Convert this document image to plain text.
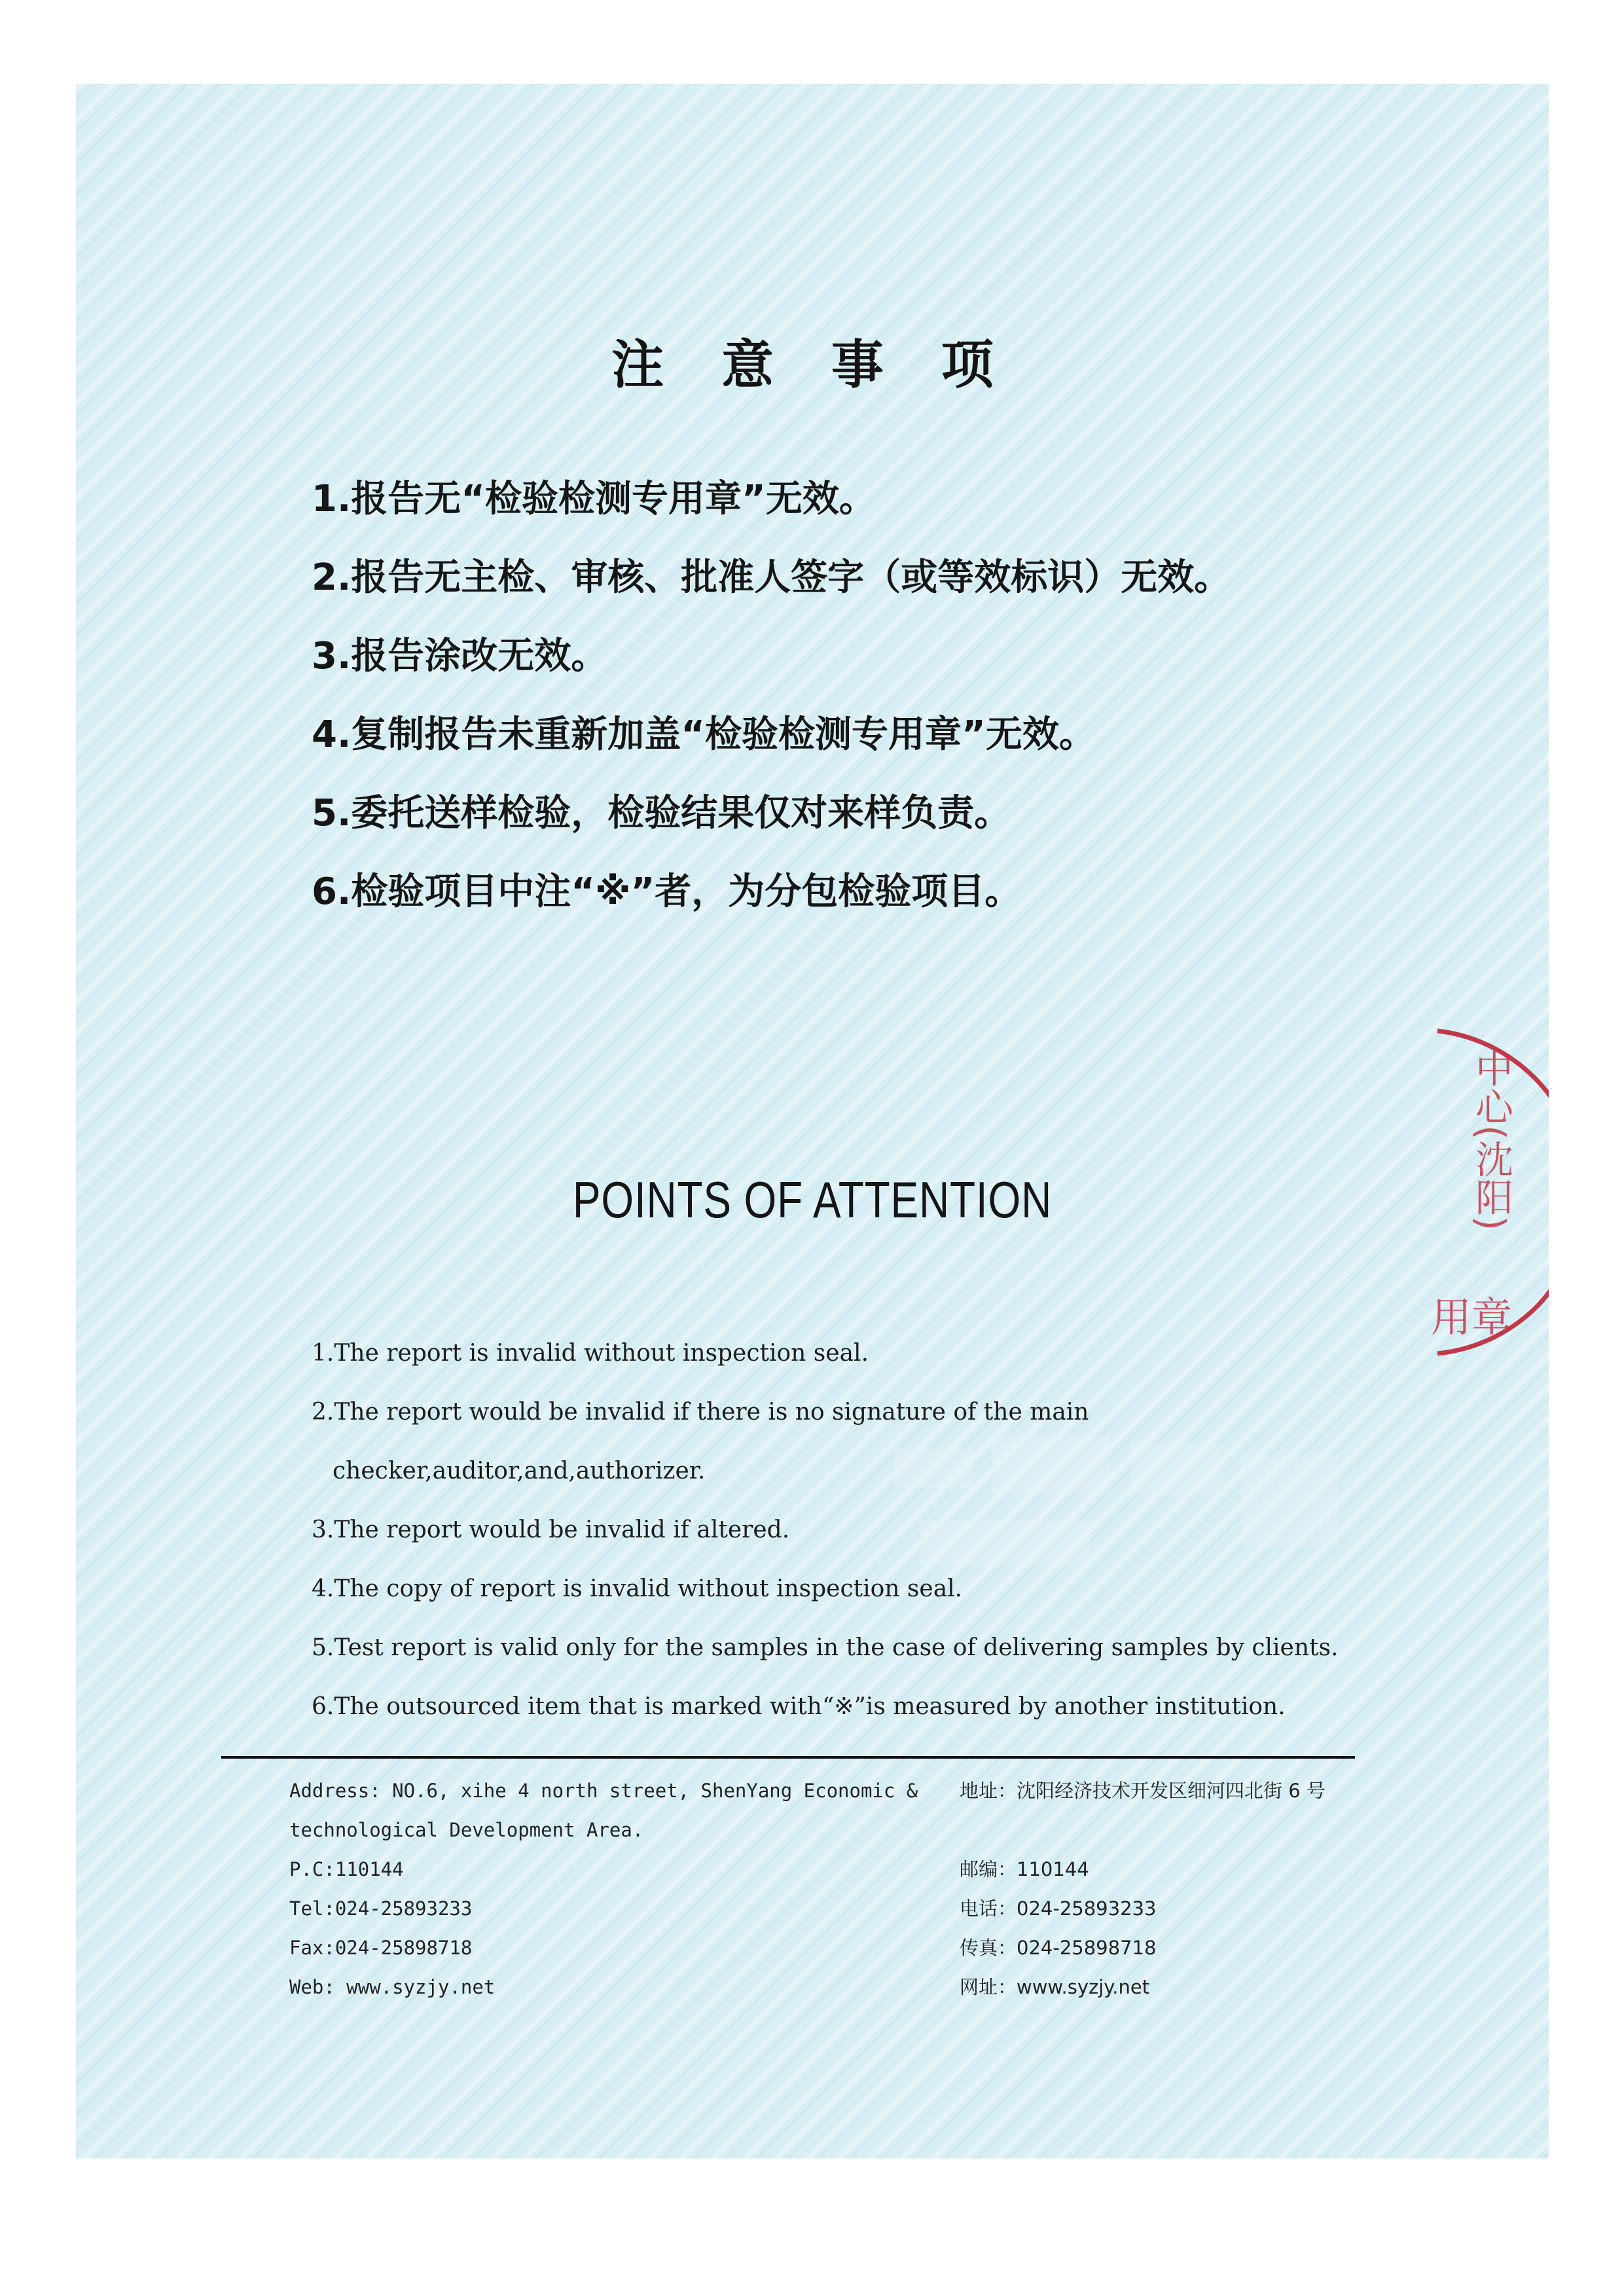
注 意 事 项
1.报告无“检验检测专用章”无效。
2.报告无主检、审核、批准人签字（或等效标识）无效。
3.报告涂改无效。
4.复制报告未重新加盖“检验检测专用章”无效。
5.委托送样检验，检验结果仅对来样负责。
6.检验项目中注“※”者，为分包检验项目。
POINTS OF ATTENTION
1.The report is invalid without inspection seal.
2.The report would be invalid if there is no signature of the main
checker,auditor,and,authorizer.
3.The report would be invalid if altered.
4.The copy of report is invalid without inspection seal.
5.Test report is valid only for the samples in the case of delivering samples by clients.
6.The outsourced item that is marked with“※”is measured by another institution.
中心(沈阳)
用章
Address: NO.6, xihe 4 north street, ShenYang Economic &
technological Development Area.
P.C:110144
Tel:024-25893233
Fax:024-25898718
Web: www.syzjy.net
地址：沈阳经济技术开发区细河四北街 6 号

邮编：110144
电话：024-25893233
传真：024-25898718
网址：www.syzjy.net
